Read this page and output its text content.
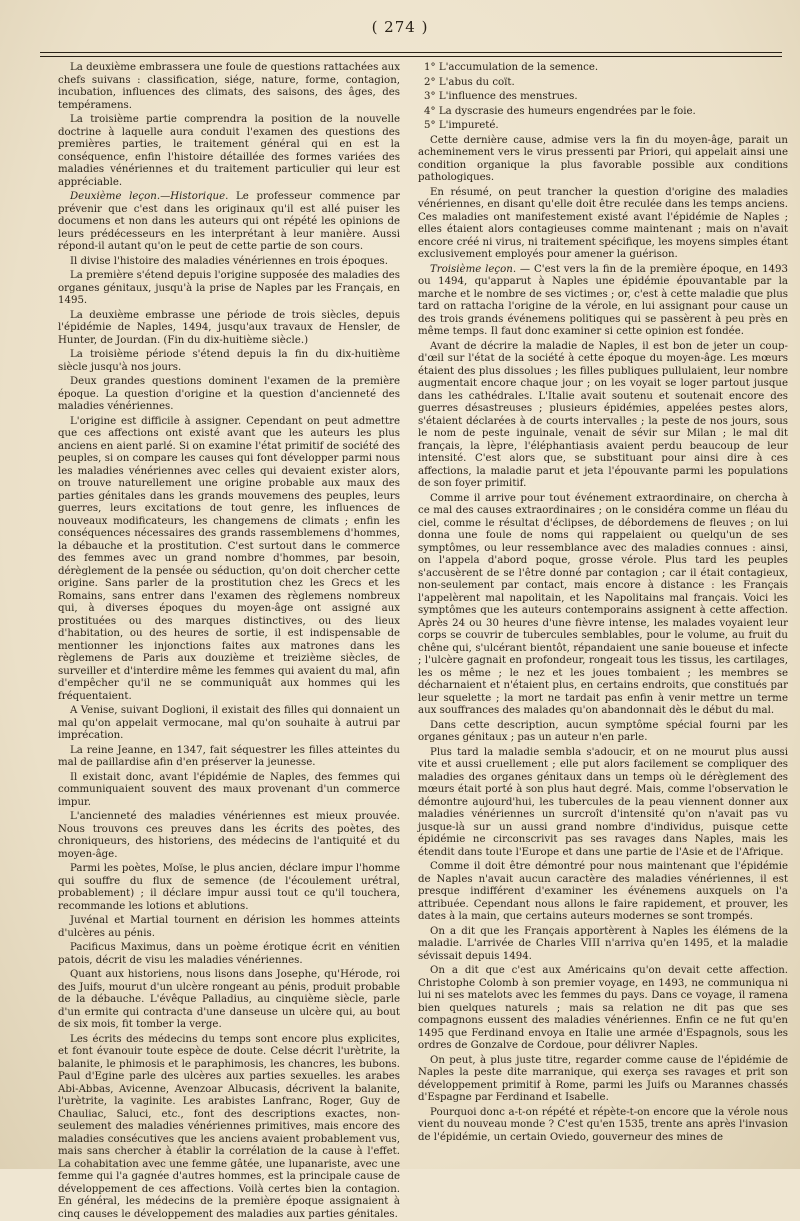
( 274 )

La deuxième embrassera une foule de questions rattachées aux chefs suivans : classification, siége, nature, forme, contagion, incubation, influences des climats, des saisons, des âges, des tempéramens.

La troisième partie comprendra la position de la nouvelle doctrine à laquelle aura conduit l'examen des questions des premières parties, le traitement général qui en est la conséquence, enfin l'histoire détaillée des formes variées des maladies vénériennes et du traitement particulier qui leur est appréciable.

Deuxième leçon.—Historique. Le professeur commence par prévenir que c'est dans les originaux qu'il est allé puiser les documens et non dans les auteurs qui ont répété les opinions de leurs prédécesseurs en les interprétant à leur manière. Aussi répond-il autant qu'on le peut de cette partie de son cours.

Il divise l'histoire des maladies vénériennes en trois époques.

La première s'étend depuis l'origine supposée des maladies des organes génitaux, jusqu'à la prise de Naples par les Français, en 1495.

La deuxième embrasse une période de trois siècles, depuis l'épidémie de Naples, 1494, jusqu'aux travaux de Hensler, de Hunter, de Jourdan. (Fin du dix-huitième siècle.)

La troisième période s'étend depuis la fin du dix-huitième siècle jusqu'à nos jours.

Deux grandes questions dominent l'examen de la première époque. La question d'origine et la question d'ancienneté des maladies vénériennes.

L'origine est difficile à assigner. Cependant on peut admettre que ces affections ont existé avant que les auteurs les plus anciens en aient parlé. Si on examine l'état primitif de société des peuples, si on compare les causes qui font développer parmi nous les maladies vénériennes avec celles qui devaient exister alors, on trouve naturellement une origine probable aux maux des parties génitales dans les grands mouvemens des peuples, leurs guerres, leurs excitations de tout genre, les influences de nouveaux modificateurs, les changemens de climats ; enfin les conséquences nécessaires des grands rassemblemens d'hommes, la débauche et la prostitution. C'est surtout dans le commerce des femmes avec un grand nombre d'hommes, par besoin, dérèglement de la pensée ou séduction, qu'on doit chercher cette origine. Sans parler de la prostitution chez les Grecs et les Romains, sans entrer dans l'examen des règlemens nombreux qui, à diverses époques du moyen-âge ont assigné aux prostituées ou des marques distinctives, ou des lieux d'habitation, ou des heures de sortie, il est indispensable de mentionner les injonctions faites aux matrones dans les règlemens de Paris aux douzième et treizième siècles, de surveiller et d'interdire même les femmes qui avaient du mal, afin d'empêcher qu'il ne se communiquât aux hommes qui les fréquentaient.

A Venise, suivant Doglioni, il existait des filles qui donnaient un mal qu'on appelait vermocane, mal qu'on souhaite à autrui par imprécation.

La reine Jeanne, en 1347, fait séquestrer les filles atteintes du mal de paillardise afin d'en préserver la jeunesse.

Il existait donc, avant l'épidémie de Naples, des femmes qui communiquaient souvent des maux provenant d'un commerce impur.

L'ancienneté des maladies vénériennes est mieux prouvée. Nous trouvons ces preuves dans les écrits des poètes, des chroniqueurs, des historiens, des médecins de l'antiquité et du moyen-âge.

Parmi les poètes, Moïse, le plus ancien, déclare impur l'homme qui souffre du flux de semence (de l'écoulement urétral, probablement) ; il déclare impur aussi tout ce qu'il touchera, recommande les lotions et ablutions.

Juvénal et Martial tournent en dérision les hommes atteints d'ulcères au pénis.

Pacificus Maximus, dans un poème érotique écrit en vénitien patois, décrit de visu les maladies vénériennes.

Quant aux historiens, nous lisons dans Josephe, qu'Hérode, roi des Juifs, mourut d'un ulcère rongeant au pénis, produit probable de la débauche. L'évêque Palladius, au cinquième siècle, parle d'un ermite qui contracta d'une danseuse un ulcère qui, au bout de six mois, fit tomber la verge.

Les écrits des médecins du temps sont encore plus explicites, et font évanouir toute espèce de doute. Celse décrit l'urètrite, la balanite, le phimosis et le paraphimosis, les chancres, les bubons. Paul d'Egine parle des ulcères aux parties sexuelles. les arabes Abi-Abbas, Avicenne, Avenzoar Albucasis, décrivent la balanite, l'urètrite, la vaginite. Les arabistes Lanfranc, Roger, Guy de Chauliac, Saluci, etc., font des descriptions exactes, non-seulement des maladies vénériennes primitives, mais encore des maladies consécutives que les anciens avaient probablement vus, mais sans chercher à établir la corrélation de la cause à l'effet. La cohabitation avec une femme gâtée, une lupanariste, avec une femme qui l'a gagnée d'autres hommes, est la principale cause de développement de ces affections. Voilà certes bien la contagion. En général, les médecins de la première époque assignaient à cinq causes le développement des maladies aux parties génitales.

1° L'accumulation de la semence.

2° L'abus du coït.

3° L'influence des menstrues.

4° La dyscrasie des humeurs engendrées par le foie.

5° L'impureté.

Cette dernière cause, admise vers la fin du moyen-âge, parait un acheminement vers le virus pressenti par Priori, qui appelait ainsi une condition organique la plus favorable possible aux conditions pathologiques.

En résumé, on peut trancher la question d'origine des maladies vénériennes, en disant qu'elle doit être reculée dans les temps anciens. Ces maladies ont manifestement existé avant l'épidémie de Naples ; elles étaient alors contagieuses comme maintenant ; mais on n'avait encore créé ni virus, ni traitement spécifique, les moyens simples étant exclusivement employés pour amener la guérison.

Troisième leçon. — C'est vers la fin de la première époque, en 1493 ou 1494, qu'apparut à Naples une épidémie épouvantable par la marche et le nombre de ses victimes ; or, c'est à cette maladie que plus tard on rattacha l'origine de la vérole, en lui assignant pour cause un des trois grands événemens politiques qui se passèrent à peu près en même temps. Il faut donc examiner si cette opinion est fondée.

Avant de décrire la maladie de Naples, il est bon de jeter un coup-d'œil sur l'état de la société à cette époque du moyen-âge. Les mœurs étaient des plus dissolues ; les filles publiques pullulaient, leur nombre augmentait encore chaque jour ; on les voyait se loger partout jusque dans les cathédrales. L'Italie avait soutenu et soutenait encore des guerres désastreuses ; plusieurs épidémies, appelées pestes alors, s'étaient déclarées à de courts intervalles ; la peste de nos jours, sous le nom de peste inguinale, venait de sévir sur Milan ; le mal dit français, la lèpre, l'éléphantiasis avaient perdu beaucoup de leur intensité. C'est alors que, se substituant pour ainsi dire à ces affections, la maladie parut et jeta l'épouvante parmi les populations de son foyer primitif.

Comme il arrive pour tout événement extraordinaire, on chercha à ce mal des causes extraordinaires ; on le considéra comme un fléau du ciel, comme le résultat d'éclipses, de débordemens de fleuves ; on lui donna une foule de noms qui rappelaient ou quelqu'un de ses symptômes, ou leur ressemblance avec des maladies connues : ainsi, on l'appela d'abord poque, grosse vérole. Plus tard les peuples s'accusèrent de se l'être donné par contagion ; car il était contagieux, non-seulement par contact, mais encore à distance : les Français l'appelèrent mal napolitain, et les Napolitains mal français. Voici les symptômes que les auteurs contemporains assignent à cette affection. Après 24 ou 30 heures d'une fièvre intense, les malades voyaient leur corps se couvrir de tubercules semblables, pour le volume, au fruit du chêne qui, s'ulcérant bientôt, répandaient une sanie boueuse et infecte ; l'ulcère gagnait en profondeur, rongeait tous les tissus, les cartilages, les os même ; le nez et les joues tombaient ; les membres se décharnaient et n'étaient plus, en certains endroits, que constitués par leur squelette ; la mort ne tardait pas enfin à venir mettre un terme aux souffrances des malades qu'on abandonnait dès le début du mal.

Dans cette description, aucun symptôme spécial fourni par les organes génitaux ; pas un auteur n'en parle.

Plus tard la maladie sembla s'adoucir, et on ne mourut plus aussi vite et aussi cruellement ; elle put alors facilement se compliquer des maladies des organes génitaux dans un temps où le dérèglement des mœurs était porté à son plus haut degré. Mais, comme l'observation le démontre aujourd'hui, les tubercules de la peau viennent donner aux maladies vénériennes un surcroît d'intensité qu'on n'avait pas vu jusque-là sur un aussi grand nombre d'individus, puisque cette épidémie ne circonscrivit pas ses ravages dans Naples, mais les étendit dans toute l'Europe et dans une partie de l'Asie et de l'Afrique.

Comme il doit être démontré pour nous maintenant que l'épidémie de Naples n'avait aucun caractère des maladies vénériennes, il est presque indifférent d'examiner les événemens auxquels on l'a attribuée. Cependant nous allons le faire rapidement, et prouver, les dates à la main, que certains auteurs modernes se sont trompés.

On a dit que les Français apportèrent à Naples les élémens de la maladie. L'arrivée de Charles VIII n'arriva qu'en 1495, et la maladie sévissait depuis 1494.

On a dit que c'est aux Américains qu'on devait cette affection. Christophe Colomb à son premier voyage, en 1493, ne communiqua ni lui ni ses matelots avec les femmes du pays. Dans ce voyage, il ramena bien quelques naturels ; mais sa relation ne dit pas que ses compagnons eussent des maladies vénériennes. Enfin ce ne fut qu'en 1495 que Ferdinand envoya en Italie une armée d'Espagnols, sous les ordres de Gonzalve de Cordoue, pour délivrer Naples.

On peut, à plus juste titre, regarder comme cause de l'épidémie de Naples la peste dite marranique, qui exerça ses ravages et prit son développement primitif à Rome, parmi les Juifs ou Marannes chassés d'Espagne par Ferdinand et Isabelle.

Pourquoi donc a-t-on répété et répète-t-on encore que la vérole nous vient du nouveau monde ? C'est qu'en 1535, trente ans après l'invasion de l'épidémie, un certain Oviedo, gouverneur des mines de
